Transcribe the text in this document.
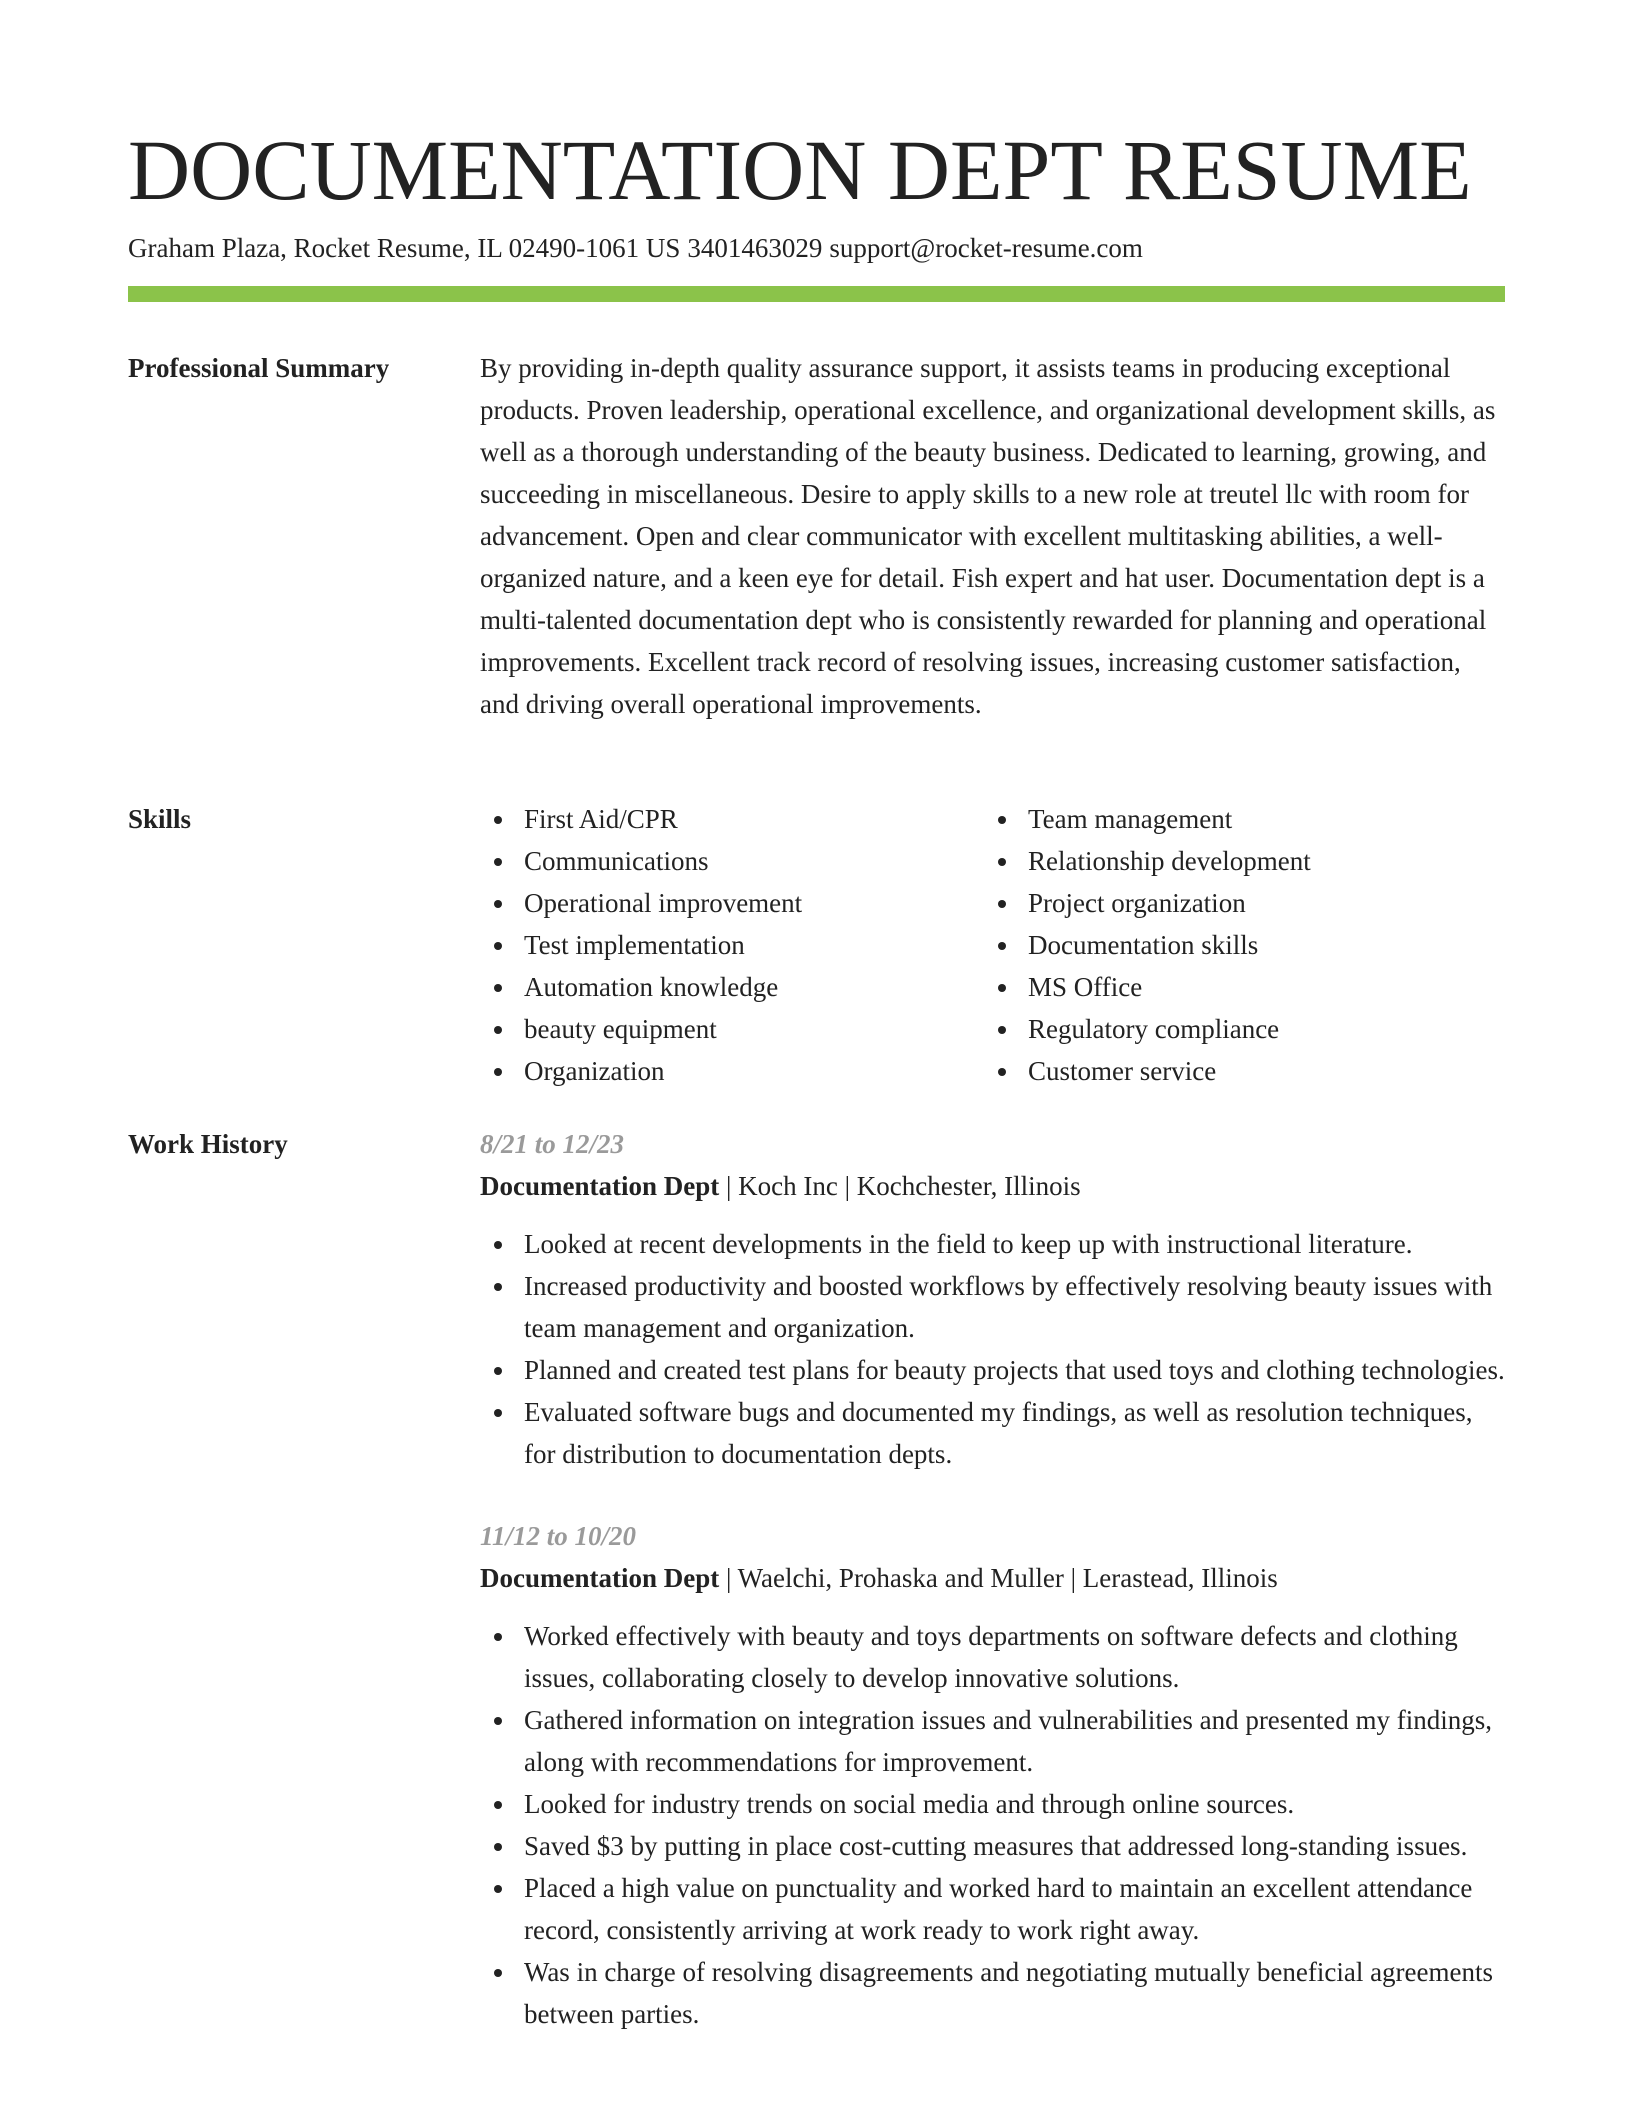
DOCUMENTATION DEPT RESUME
Graham Plaza, Rocket Resume, IL 02490-1061 US 3401463029 support@rocket-resume.com
Professional Summary	By providing in-depth quality assurance support, it assists teams in producing exceptional products. Proven leadership, operational excellence, and organizational development skills, as well as a thorough understanding of the beauty business. Dedicated to learning, growing, and succeeding in miscellaneous. Desire to apply skills to a new role at treutel llc with room for advancement. Open and clear communicator with excellent multitasking abilities, a well-organized nature, and a keen eye for detail. Fish expert and hat user. Documentation dept is a multi-talented documentation dept who is consistently rewarded for planning and operational improvements. Excellent track record of resolving issues, increasing customer satisfaction, and driving overall operational improvements.

Skills	First Aid/CPR
Communications
Operational improvement
Test implementation
Automation knowledge
beauty equipment
Organization
Team management
Relationship development
Project organization
Documentation skills
MS Office
Regulatory compliance
Customer service
Work History	8/21 to 12/23
Documentation Dept | Koch Inc | Kochchester, Illinois
Looked at recent developments in the field to keep up with instructional literature.
Increased productivity and boosted workflows by effectively resolving beauty issues with team management and organization.
Planned and created test plans for beauty projects that used toys and clothing technologies.
Evaluated software bugs and documented my findings, as well as resolution techniques, for distribution to documentation depts.
11/12 to 10/20
Documentation Dept | Waelchi, Prohaska and Muller | Lerastead, Illinois
Worked effectively with beauty and toys departments on software defects and clothing issues, collaborating closely to develop innovative solutions.
Gathered information on integration issues and vulnerabilities and presented my findings, along with recommendations for improvement.
Looked for industry trends on social media and through online sources.
Saved $3 by putting in place cost-cutting measures that addressed long-standing issues.
Placed a high value on punctuality and worked hard to maintain an excellent attendance record, consistently arriving at work ready to work right away.
Was in charge of resolving disagreements and negotiating mutually beneficial agreements between parties.
